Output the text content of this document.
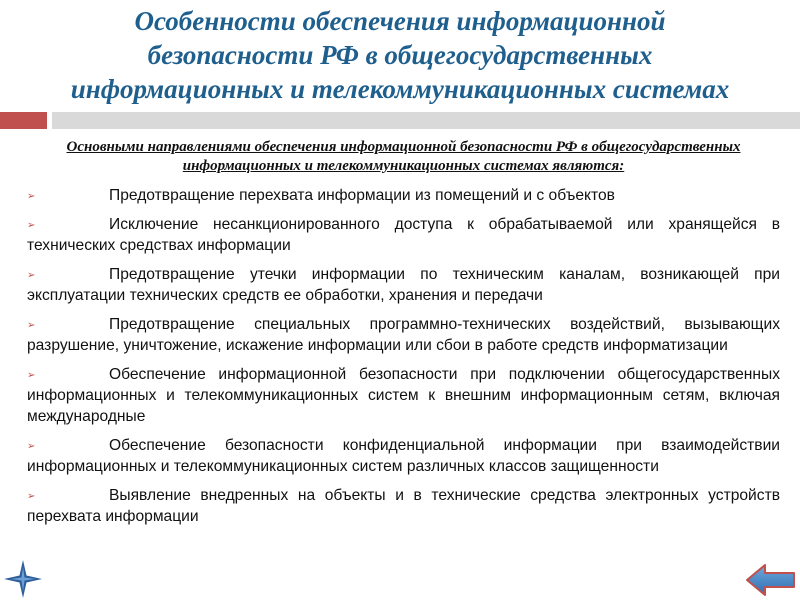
Особенности обеспечения информационной
безопасности РФ в общегосударственных
информационных и телекоммуникационных системах
Основными направлениями обеспечения информационной безопасности РФ в общегосударственных информационных и телекоммуникационных системах являются:
➢	Предотвращение перехвата информации из помещений и с объектов
➢	Исключение несанкционированного доступа к обрабатываемой или хранящейся в технических средствах информации
➢	Предотвращение утечки информации по техническим каналам, возникающей при эксплуатации технических средств ее обработки, хранения и передачи
➢	Предотвращение специальных программно-технических воздействий, вызывающих разрушение, уничтожение, искажение информации или сбои в работе средств информатизации
➢	Обеспечение информационной безопасности при подключении общегосударственных информационных и телекоммуникационных систем к внешним информационным сетям, включая международные
➢	Обеспечение безопасности конфиденциальной информации при взаимодействии информационных и телекоммуникационных систем различных классов защищенности
➢	Выявление внедренных на объекты и в технические средства электронных устройств перехвата информации
